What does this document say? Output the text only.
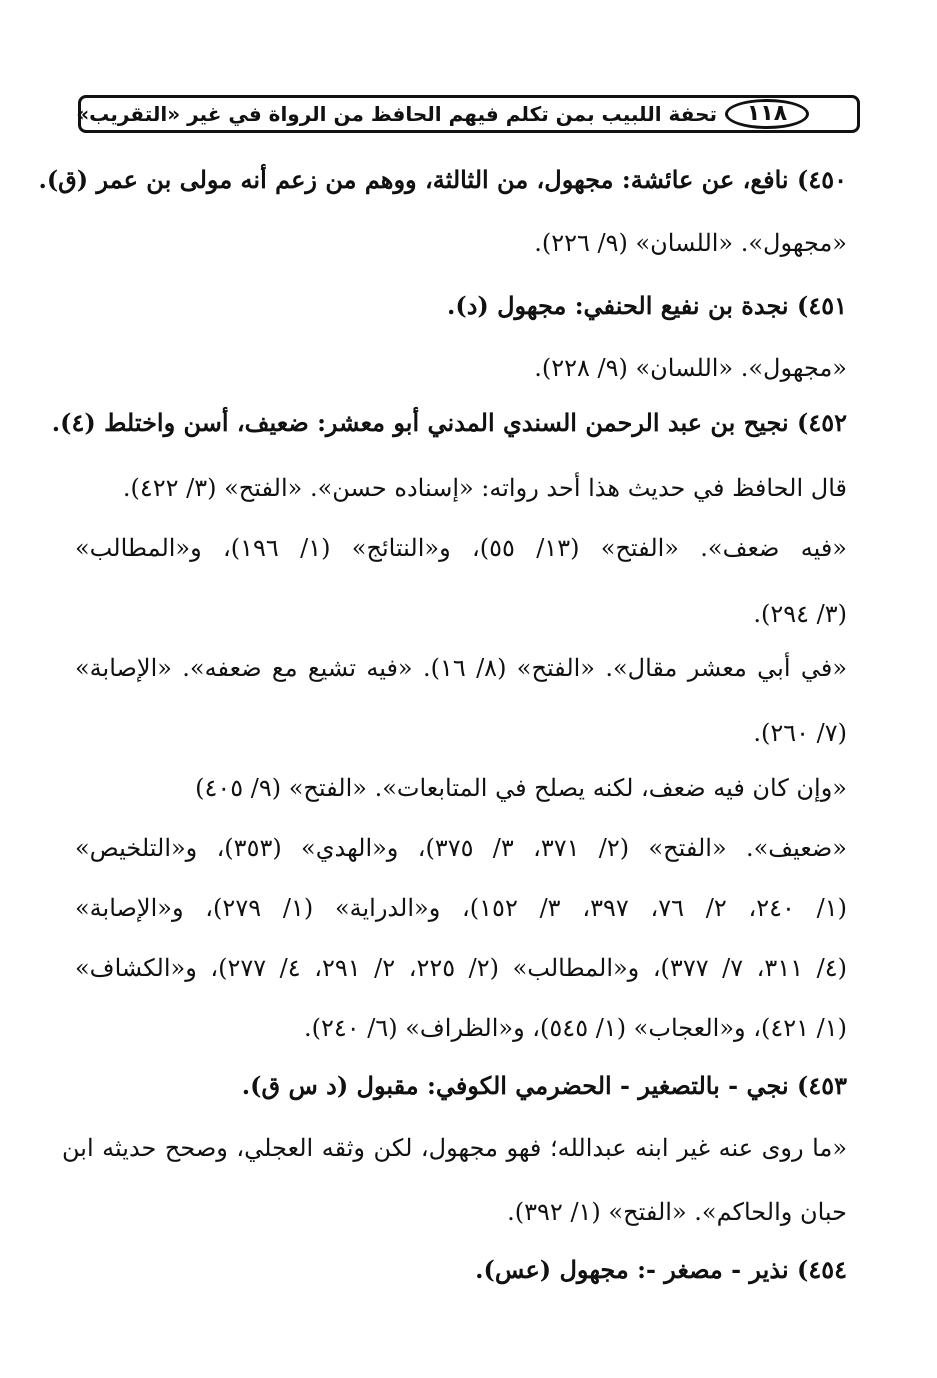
١١٨
تحفة اللبيب بمن تكلم فيهم الحافظ من الرواة في غير «التقريب»
٤٥٠) نافع، عن عائشة: مجهول، من الثالثة، ووهم من زعم أنه مولى بن عمر (ق).
«مجهول». «اللسان» (٩/ ٢٢٦).
٤٥١) نجدة بن نفيع الحنفي: مجهول (د).
«مجهول». «اللسان» (٩/ ٢٢٨).
٤٥٢) نجيح بن عبد الرحمن السندي المدني أبو معشر: ضعيف، أسن واختلط (٤).
قال الحافظ في حديث هذا أحد رواته: «إسناده حسن». «الفتح» (٣/ ٤٢٢).
«فيه ضعف». «الفتح» (١٣/ ٥٥)، و«النتائج» (١/ ١٩٦)، و«المطالب»
(٣/ ٢٩٤).
«في أبي معشر مقال». «الفتح» (٨/ ١٦). «فيه تشيع مع ضعفه». «الإصابة»
(٧/ ٢٦٠).
«وإن كان فيه ضعف، لكنه يصلح في المتابعات». «الفتح» (٩/ ٤٠٥)
«ضعيف». «الفتح» (٢/ ٣٧١، ٣/ ٣٧٥)، و«الهدي» (٣٥٣)، و«التلخيص»
(١/ ٢٤٠، ٢/ ٧٦، ٣٩٧، ٣/ ١٥٢)، و«الدراية» (١/ ٢٧٩)، و«الإصابة»
(٤/ ٣١١، ٧/ ٣٧٧)، و«المطالب» (٢/ ٢٢٥، ٢/ ٢٩١، ٤/ ٢٧٧)، و«الكشاف»
(١/ ٤٢١)، و«العجاب» (١/ ٥٤٥)، و«الظراف» (٦/ ٢٤٠).
٤٥٣) نجي - بالتصغير - الحضرمي الكوفي: مقبول (د س ق).
«ما روى عنه غير ابنه عبدالله؛ فهو مجهول، لكن وثقه العجلي، وصحح حديثه ابن
حبان والحاكم». «الفتح» (١/ ٣٩٢).
٤٥٤) نذير - مصغر -: مجهول (عس).
